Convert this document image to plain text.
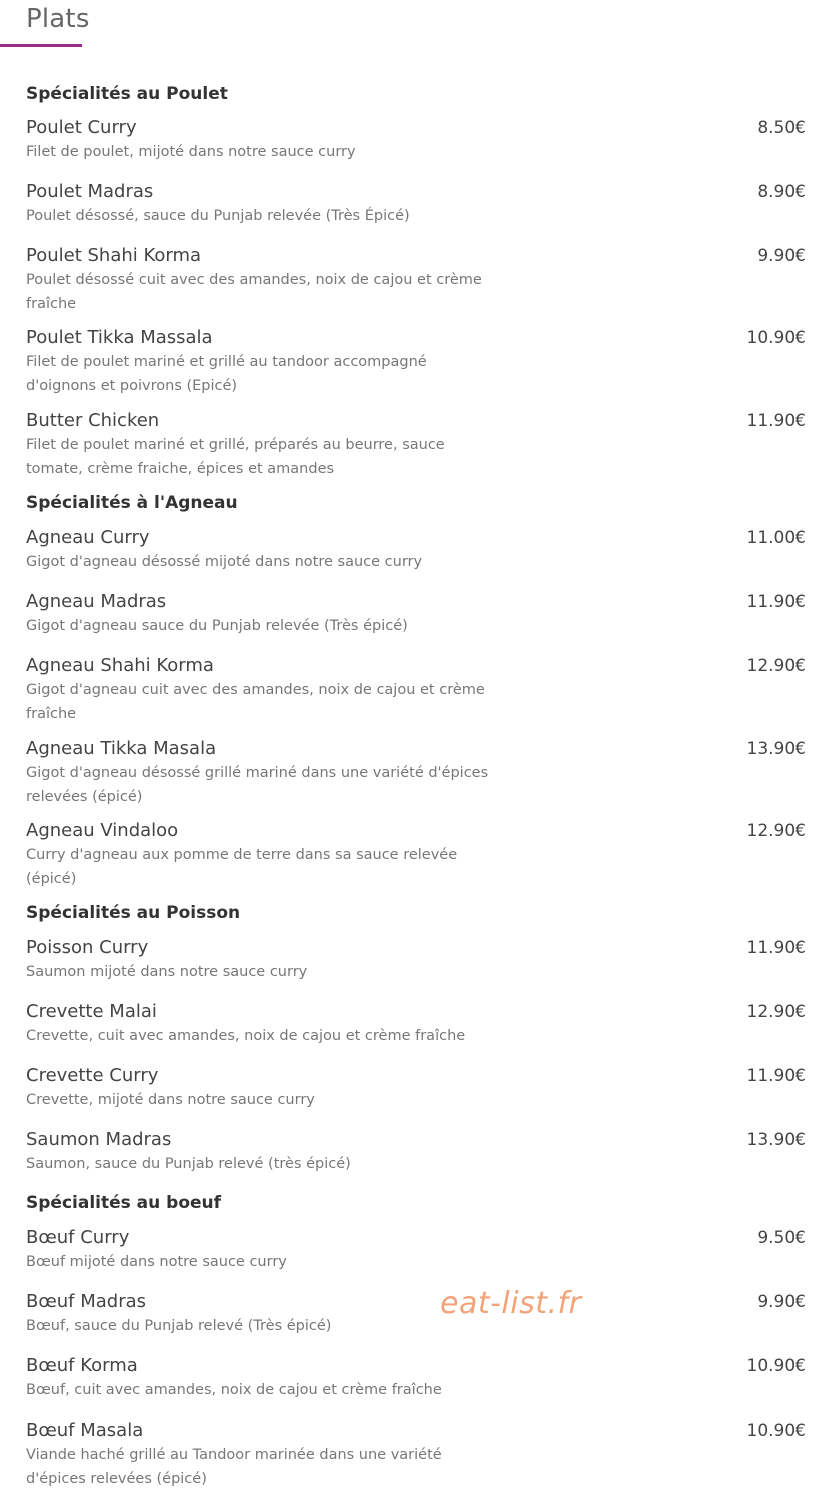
Plats
Spécialités au Poulet
Poulet Curry	8.50€
Filet de poulet, mijoté dans notre sauce curry
Poulet Madras	8.90€
Poulet désossé, sauce du Punjab relevée (Très Épicé)
Poulet Shahi Korma	9.90€
Poulet désossé cuit avec des amandes, noix de cajou et crème fraîche
Poulet Tikka Massala	10.90€
Filet de poulet mariné et grillé au tandoor accompagné d'oignons et poivrons (Epicé)
Butter Chicken	11.90€
Filet de poulet mariné et grillé, préparés au beurre, sauce tomate, crème fraiche, épices et amandes
Spécialités à l'Agneau
Agneau Curry	11.00€
Gigot d'agneau désossé mijoté dans notre sauce curry
Agneau Madras	11.90€
Gigot d'agneau sauce du Punjab relevée (Très épicé)
Agneau Shahi Korma	12.90€
Gigot d'agneau cuit avec des amandes, noix de cajou et crème fraîche
Agneau Tikka Masala	13.90€
Gigot d'agneau désossé grillé mariné dans une variété d'épices relevées (épicé)
Agneau Vindaloo	12.90€
Curry d'agneau aux pomme de terre dans sa sauce relevée (épicé)
Spécialités au Poisson
Poisson Curry	11.90€
Saumon mijoté dans notre sauce curry
Crevette Malai	12.90€
Crevette, cuit avec amandes, noix de cajou et crème fraîche
Crevette Curry	11.90€
Crevette, mijoté dans notre sauce curry
Saumon Madras	13.90€
Saumon, sauce du Punjab relevé (très épicé)
Spécialités au boeuf
Bœuf Curry	9.50€
Bœuf mijoté dans notre sauce curry
Bœuf Madras	9.90€
Bœuf, sauce du Punjab relevé (Très épicé)
Bœuf Korma	10.90€
Bœuf, cuit avec amandes, noix de cajou et crème fraîche
Bœuf Masala	10.90€
Viande haché grillé au Tandoor marinée dans une variété d'épices relevées (épicé)
eat-list.fr
